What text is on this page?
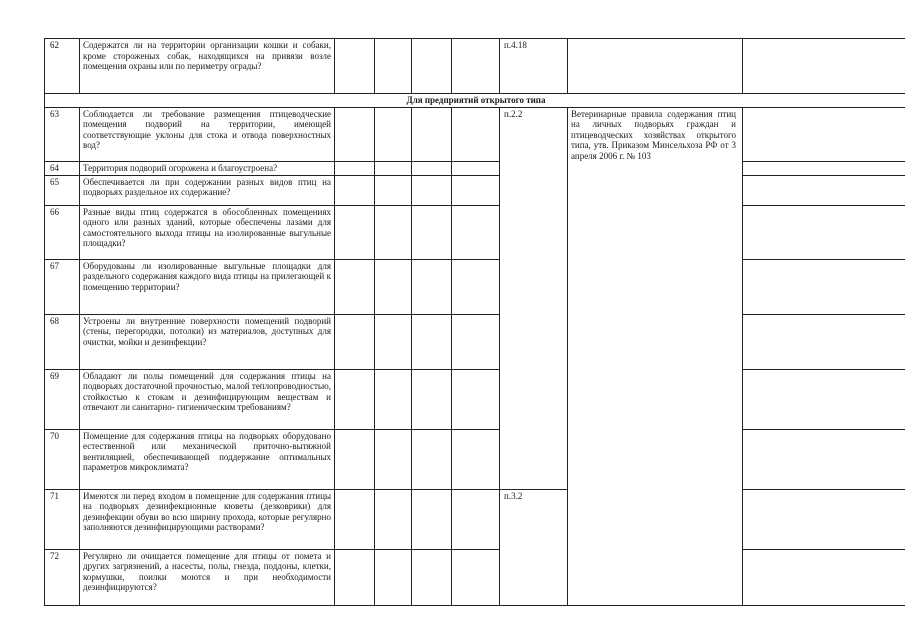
62	Содержатся ли на территории организации кошки и собаки, кроме стороженых собак, находящихся на привязи возле помещения охраны или по периметру ограды?					п.4.18		
Для предприятий открытого типа								
63	Соблюдается ли требование размещения птицеводческие помещения подворий на территории, имеющей соответствующие уклоны для стока и отвода поверхностных вод?					п.2.2	Ветеринарные правила содержания птиц на личных подворьях граждан и птицеводческих хозяйствах открытого типа, утв. Приказом Минсельхоза РФ от 3 апреля 2006 г. № 103	
64	Территория подворий огорожена и благоустроена?							
65	Обеспечивается ли при содержании разных видов птиц на подворьях раздельное их содержание?							
66	Разные виды птиц содержатся в обособленных помещениях одного или разных зданий, которые обеспечены лазами для самостоятельного выхода птицы на изолированные выгульные площадки?							
67	Оборудованы ли изолированные выгульные площадки для раздельного содержания каждого вида птицы на прилегающей к помещению территории?							
68	Устроены ли внутренние поверхности помещений подворий (стены, перегородки, потолки) из материалов, доступных для очистки, мойки и дезинфекции?							
69	Обладают ли полы помещений для содержания птицы на подворьях достаточной прочностью, малой теплопроводностью, стойкостью к стокам и дезинфицирующим веществам и отвечают ли санитарно- гигиеническим требованиям?							
70	Помещение для содержания птицы на подворьях оборудовано естественной или механической приточно-вытяжной вентиляцией, обеспечивающей поддержание оптимальных параметров микроклимата?							
71	Имеются ли перед входом в помещение для содержания птицы на подворьях дезинфекционные кюветы (дезковрики) для дезинфекции обуви во всю ширину прохода, которые регулярно заполняются дезинфицирующими растворами?					п.3.2		
72	Регулярно ли очищается помещение для птицы от помета и других загрязнений, а насесты, полы, гнезда, поддоны, клетки, кормушки, поилки моются и при необходимости дезинфицируются?							
